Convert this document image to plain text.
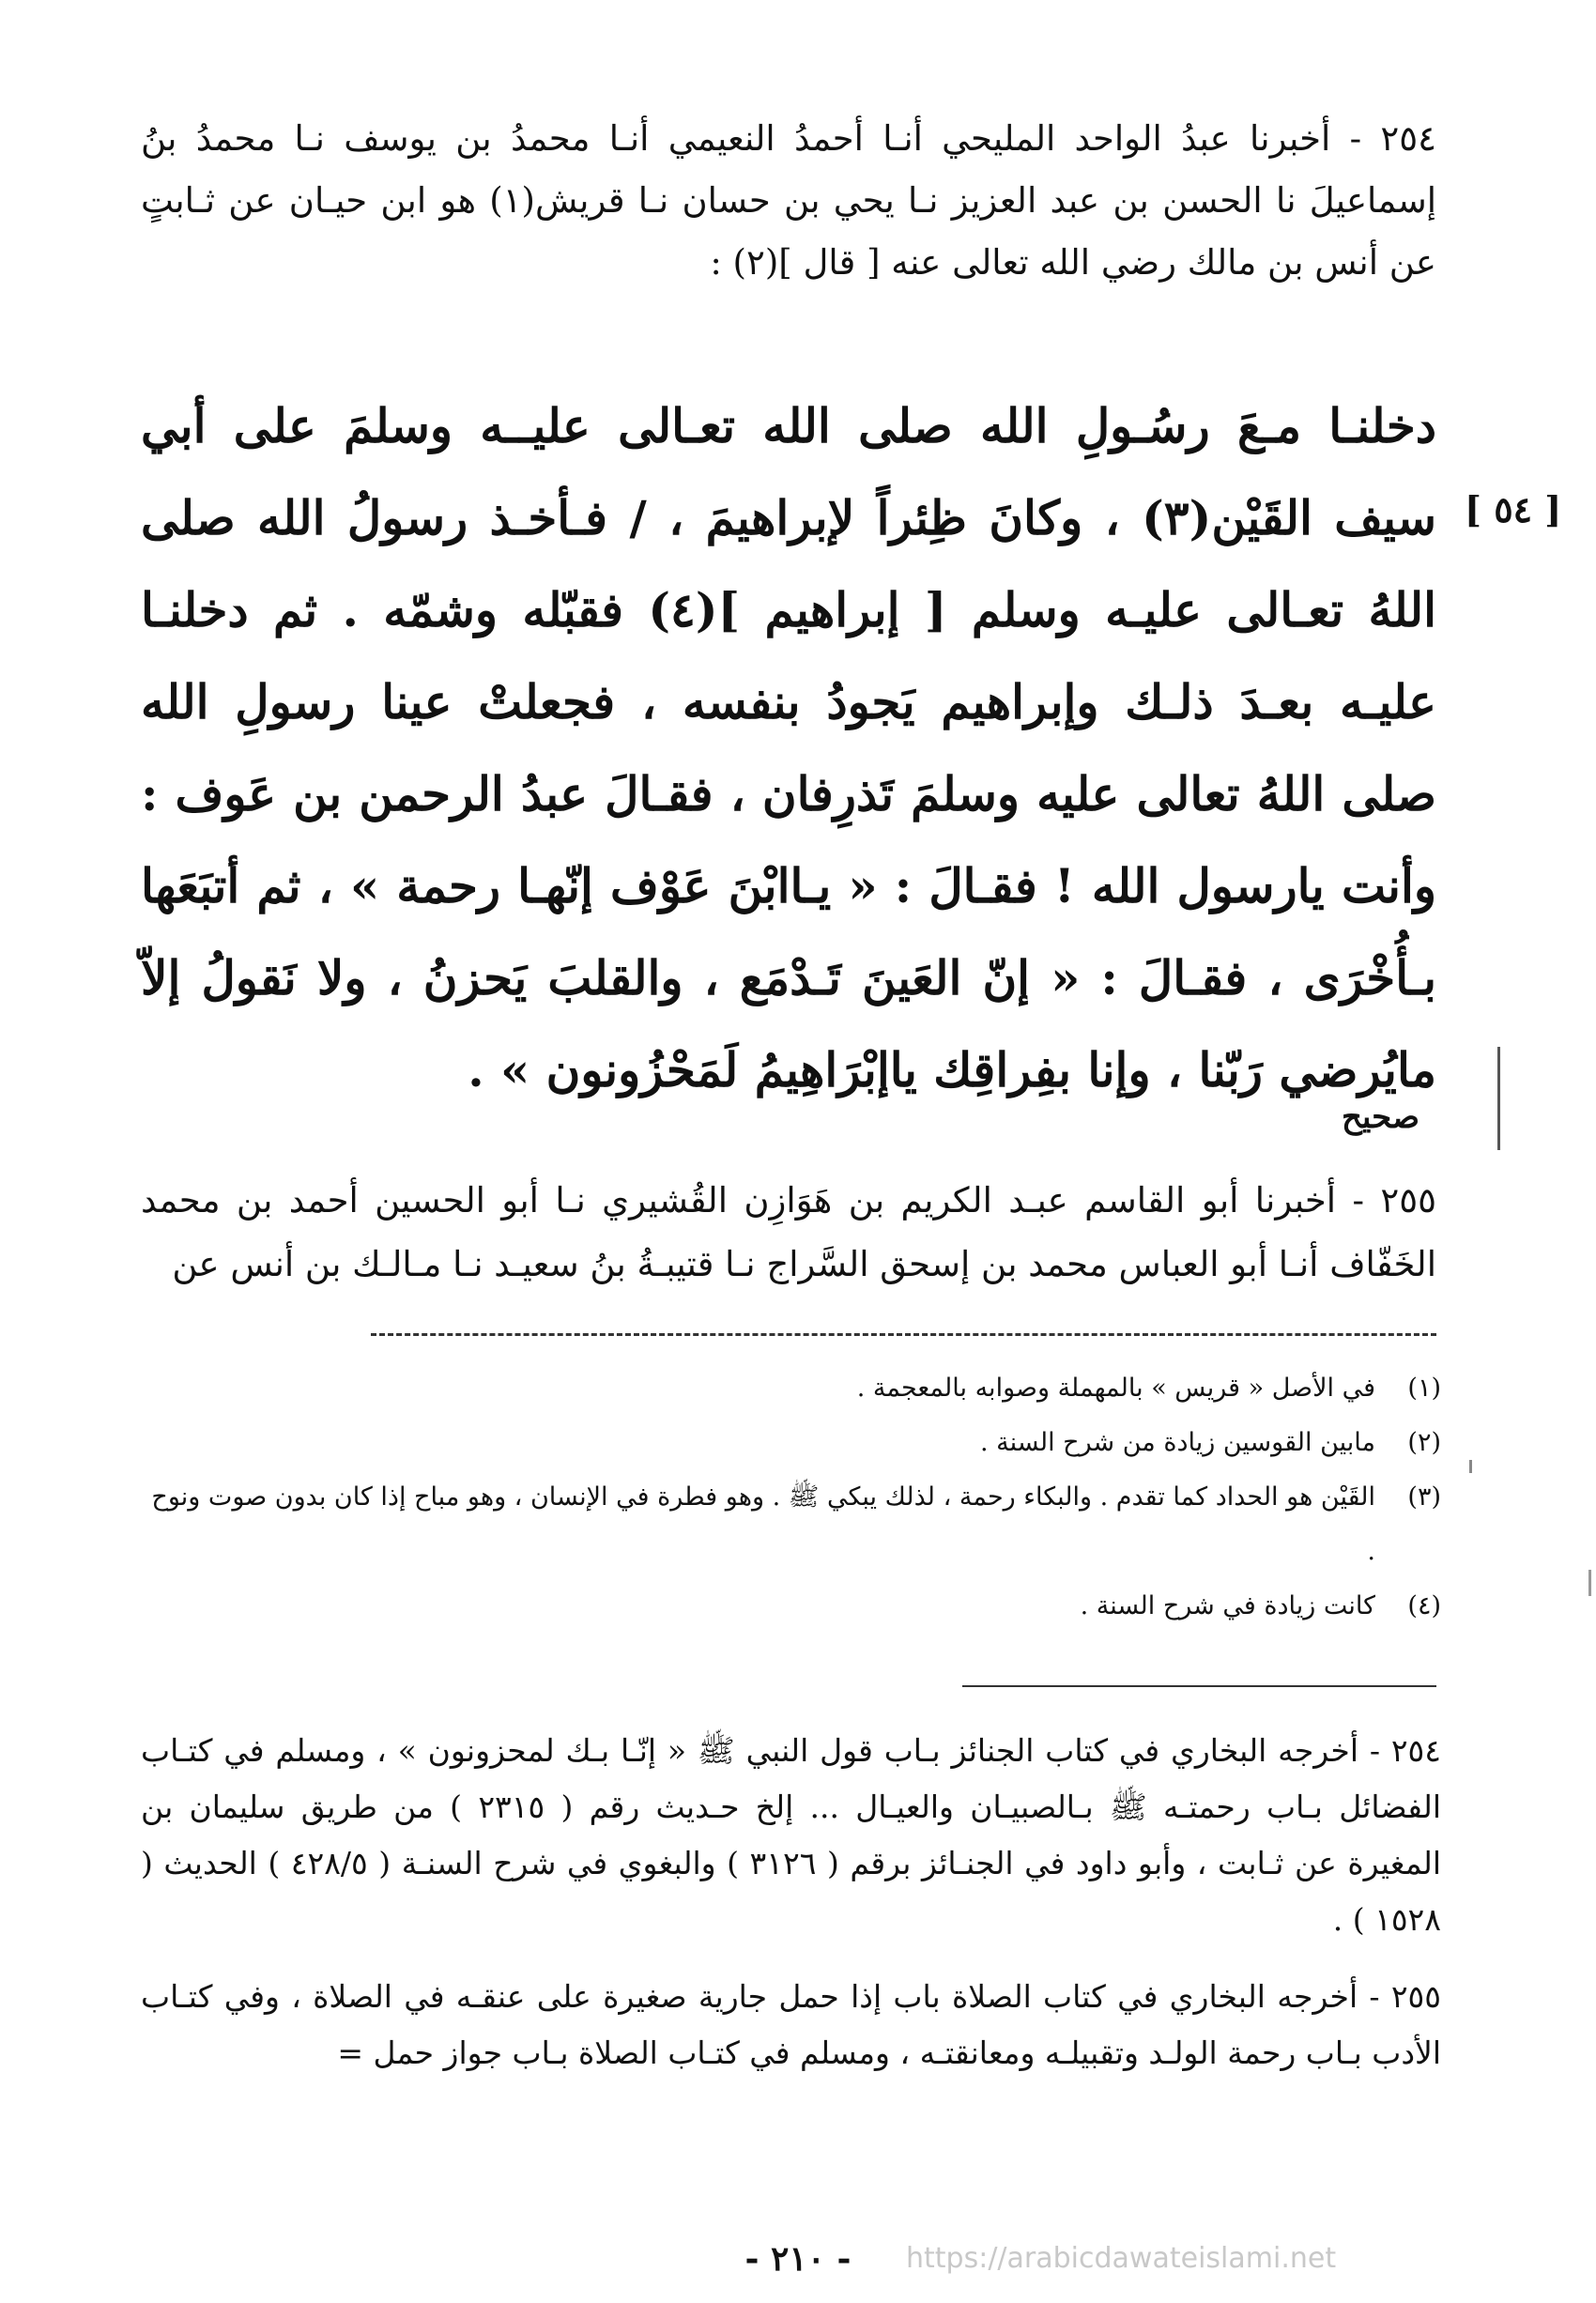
٢٥٤ - أخبرنا عبدُ الواحد المليحي أنـا أحمدُ النعيمي أنـا محمدُ بن يوسف نـا محمدُ بنُ إسماعيلَ نا الحسن بن عبد العزيز نـا يحي بن حسان نـا قريش(١) هو ابن حيـان عن ثـابتٍ عن أنس بن مالك رضي الله تعالى عنه [ قال ](٢) :
[ ٥٤ ]
دخلنـا مـعَ رسُـولِ الله صلى الله تعـالى عليــه وسلمَ على أبي سيف القَيْن(٣) ، وكانَ ظِئراً لإبراهيمَ ، / فـأخـذ رسولُ الله صلى اللهُ تعـالى عليـه وسلم [ إبراهيم ](٤) فقبّله وشمّه . ثم دخلنـا عليـه بعـدَ ذلـك وإبراهيم يَجودُ بنفسه ، فجعلتْ عينا رسولِ الله صلى اللهُ تعالى عليه وسلمَ تَذرِفان ، فقـالَ عبدُ الرحمن بن عَوف : وأنت يارسول الله ! فقـالَ : « يـاابْنَ عَوْف إنّهـا رحمة » ، ثم أتبَعَها بـأُخْرَى ، فقـالَ : « إنّ العَينَ تَـدْمَع ، والقلبَ يَحزنُ ، ولا نَقولُ إلاّ مايُرضي رَبّنا ، وإنا بفِراقِك ياإبْرَاهِيمُ لَمَحْزُونون » .
صحيح
٢٥٥ - أخبرنا أبو القاسم عبـد الكريم بن هَوَازِن القُشيري نـا أبو الحسين أحمد بن محمد الخَفّاف أنـا أبو العباس محمد بن إسحق السَّراج نـا قتيبـةُ بنُ سعيـد نـا مـالـك بن أنس عن
(١)
في الأصل « قريس » بالمهملة وصوابه بالمعجمة .
(٢)
مابين القوسين زيادة من شرح السنة .
(٣)
القَيْن هو الحداد كما تقدم . والبكاء رحمة ، لذلك يبكي ﷺ . وهو فطرة في الإنسان ، وهو مباح إذا كان بدون صوت ونوح .
(٤)
كانت زيادة في شرح السنة .

٢٥٤ - أخرجه البخاري في كتاب الجنائز بـاب قول النبي ﷺ « إنّـا بـك لمحزونون » ، ومسلم في كتـاب الفضائل بـاب رحمتـه ﷺ بـالصبيـان والعيـال ... إلخ حـديث رقم ( ٢٣١٥ ) من طريق سليمان بن المغيرة عن ثـابت ، وأبو داود في الجنـائز برقم ( ٣١٢٦ ) والبغوي في شرح السنـة ( ٤٢٨/٥ ) الحديث ( ١٥٢٨ ) .

٢٥٥ - أخرجه البخاري في كتاب الصلاة باب إذا حمل جارية صغيرة على عنقـه في الصلاة ، وفي كتـاب الأدب بـاب رحمة الولـد وتقبيلـه ومعانقتـه ، ومسلم في كتـاب الصلاة بـاب جواز حمل =

- ٢١٠ -	https://arabicdawateislami.net
